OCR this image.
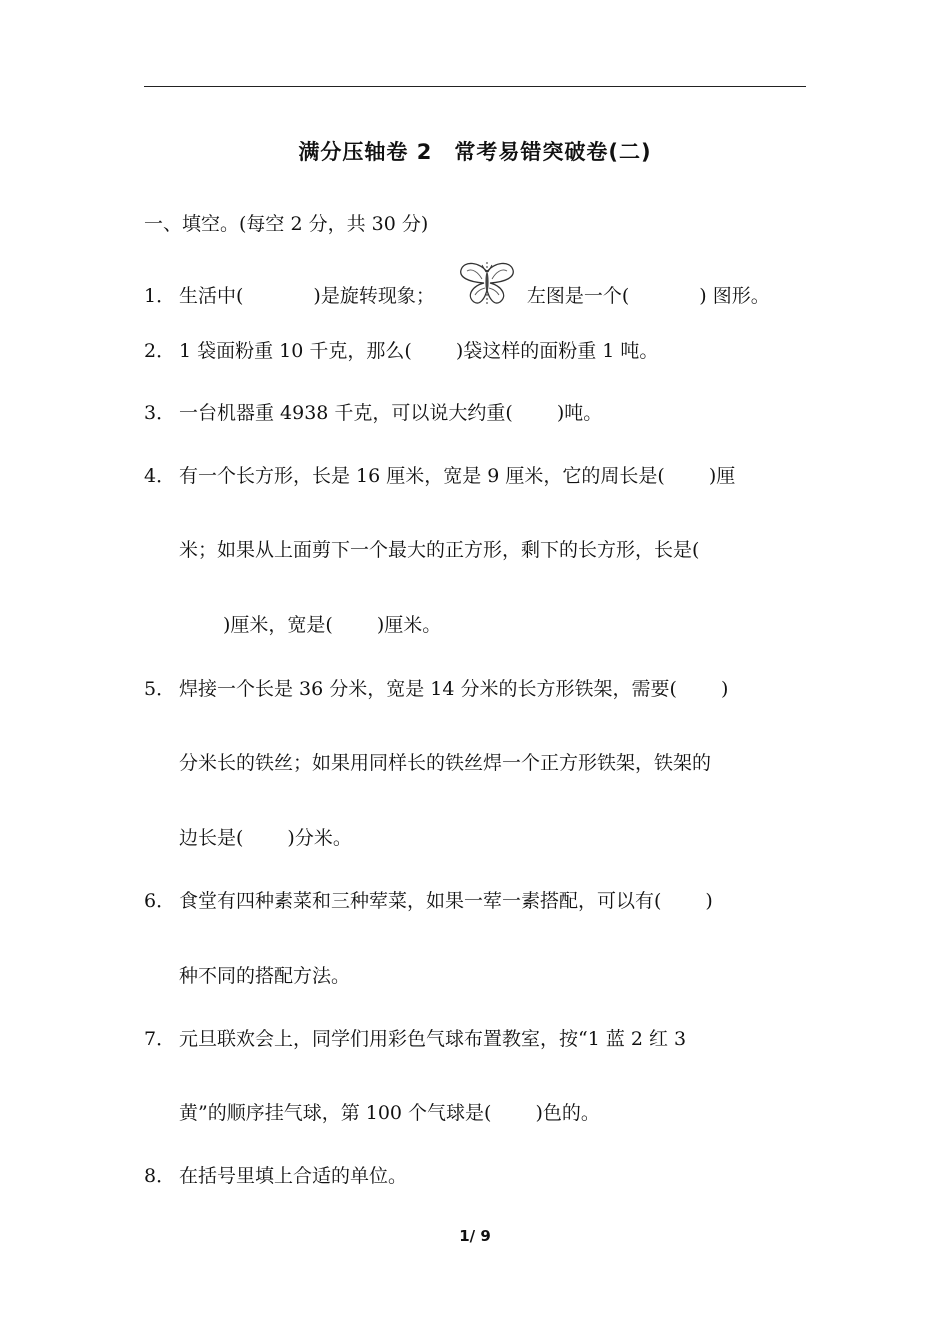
满分压轴卷 2 常考易错突破卷(二)
一、填空。(每空 2 分，共 30 分)
1． 生活中(	)是旋转现象；	左图是一个(	) 图形。
2． 1 袋面粉重 10 千克，那么( )袋这样的面粉重 1 吨。
3． 一台机器重 4938 千克，可以说大约重( )吨。
4． 有一个长方形，长是 16 厘米，宽是 9 厘米，它的周长是( )厘
米；如果从上面剪下一个最大的正方形，剩下的长方形，长是(
)厘米，宽是( )厘米。
5． 焊接一个长是 36 分米，宽是 14 分米的长方形铁架，需要( )
分米长的铁丝；如果用同样长的铁丝焊一个正方形铁架，铁架的
边长是( )分米。
6． 食堂有四种素菜和三种荤菜，如果一荤一素搭配，可以有( )
种不同的搭配方法。
7． 元旦联欢会上，同学们用彩色气球布置教室，按“1 蓝 2 红 3
黄”的顺序挂气球，第 100 个气球是( )色的。
8． 在括号里填上合适的单位。
1/ 9
